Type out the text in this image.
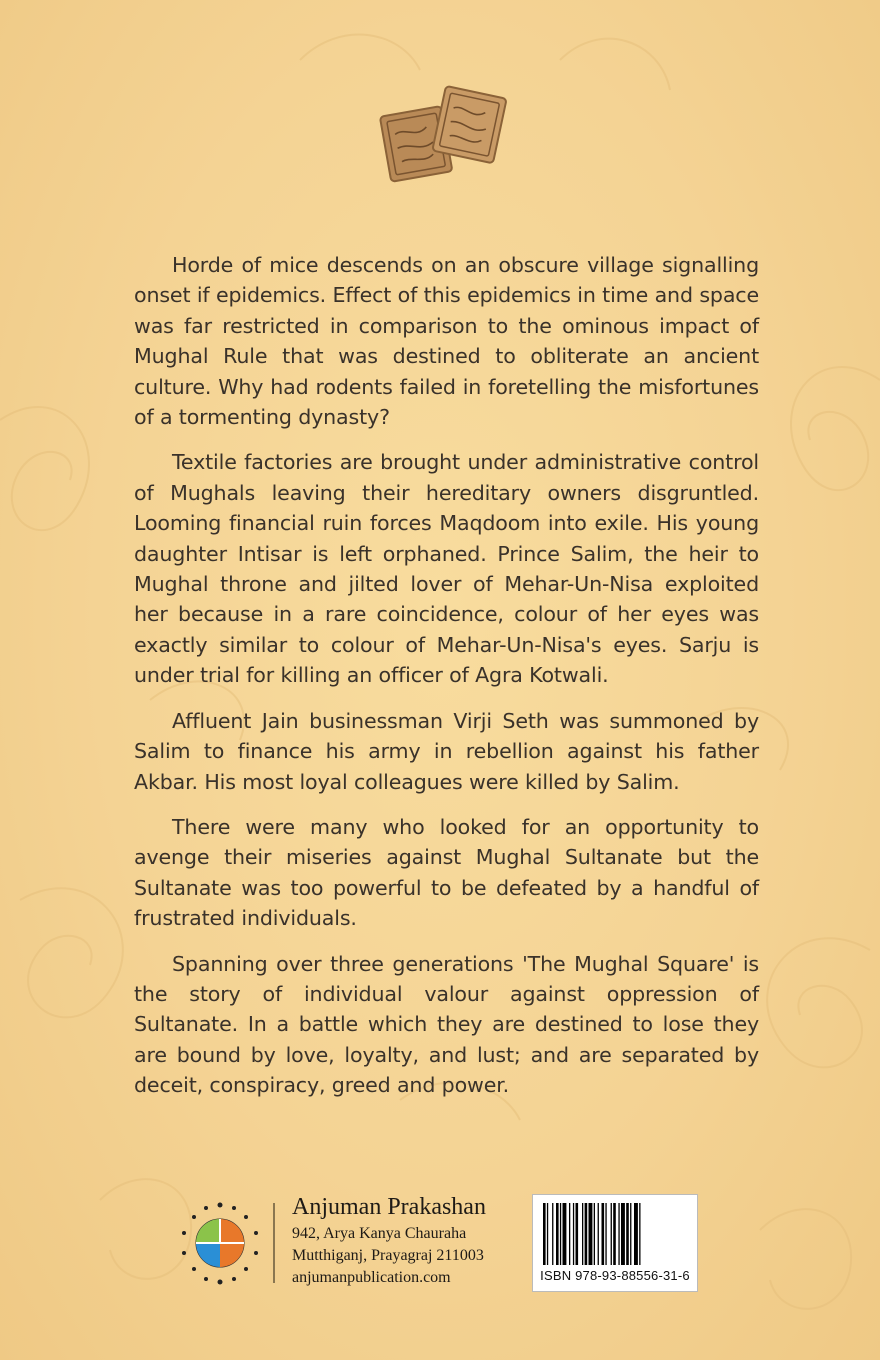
Horde of mice descends on an obscure village signalling onset if epidemics. Effect of this epidemics in time and space was far restricted in comparison to the ominous impact of Mughal Rule that was destined to obliterate an ancient culture. Why had rodents failed in foretelling the misfortunes of a tormenting dynasty?

Textile factories are brought under administrative control of Mughals leaving their hereditary owners disgruntled. Looming financial ruin forces Maqdoom into exile. His young daughter Intisar is left orphaned. Prince Salim, the heir to Mughal throne and jilted lover of Mehar-Un-Nisa exploited her because in a rare coincidence, colour of her eyes was exactly similar to colour of Mehar-Un-Nisa's eyes. Sarju is under trial for killing an officer of Agra Kotwali.

Affluent Jain businessman Virji Seth was summoned by Salim to finance his army in rebellion against his father Akbar. His most loyal colleagues were killed by Salim.

There were many who looked for an opportunity to avenge their miseries against Mughal Sultanate but the Sultanate was too powerful to be defeated by a handful of frustrated individuals.

Spanning over three generations 'The Mughal Square' is the story of individual valour against oppression of Sultanate. In a battle which they are destined to lose they are bound by love, loyalty, and lust; and are separated by deceit, conspiracy, greed and power.

Anjuman Prakashan

942, Arya Kanya Chauraha

Mutthiganj, Prayagraj 211003

anjumanpublication.com	ISBN 978-93-88556-31-6
